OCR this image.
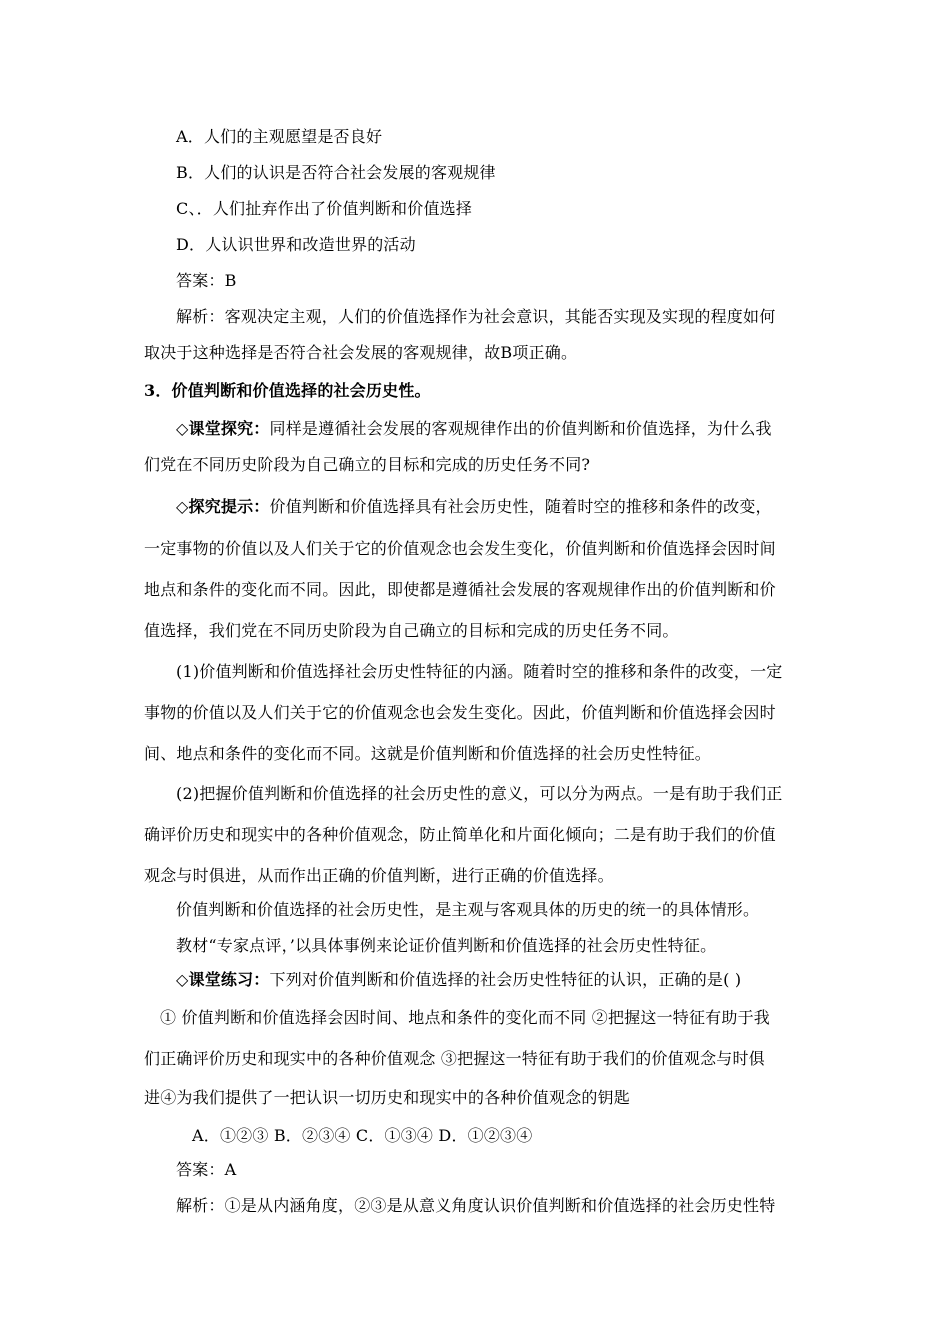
A．人们的主观愿望是否良好
B．人们的认识是否符合社会发展的客观规律
C、．人们扯弃作出了价值判断和价值选择
D．人认识世界和改造世界的活动
答案：B
解析：客观决定主观，人们的价值选择作为社会意识，其能否实现及实现的程度如何
取决于这种选择是否符合社会发展的客观规律，故B项正确。
3．价值判断和价值选择的社会历史性。
◇课堂探究：同样是遵循社会发展的客观规律作出的价值判断和价值选择，为什么我
们党在不同历史阶段为自己确立的目标和完成的历史任务不同?
◇探究提示：价值判断和价值选择具有社会历史性，随着时空的推移和条件的改变，
一定事物的价值以及人们关于它的价值观念也会发生变化，价值判断和价值选择会因时间
地点和条件的变化而不同。因此，即使都是遵循社会发展的客观规律作出的价值判断和价
值选择，我们党在不同历史阶段为自己确立的目标和完成的历史任务不同。
(1)价值判断和价值选择社会历史性特征的内涵。随着时空的推移和条件的改变，一定
事物的价值以及人们关于它的价值观念也会发生变化。因此，价值判断和价值选择会因时
间、地点和条件的变化而不同。这就是价值判断和价值选择的社会历史性特征。
(2)把握价值判断和价值选择的社会历史性的意义，可以分为两点。一是有助于我们正
确评价历史和现实中的各种价值观念，防止简单化和片面化倾向；二是有助于我们的价值
观念与时俱进，从而作出正确的价值判断，进行正确的价值选择。
价值判断和价值选择的社会历史性，是主观与客观具体的历史的统一的具体情形。
教材“专家点评，’以具体事例来论证价值判断和价值选择的社会历史性特征。
◇课堂练习：下列对价值判断和价值选择的社会历史性特征的认识，正确的是( )
① 价值判断和价值选择会因时间、地点和条件的变化而不同 ②把握这一特征有助于我
们正确评价历史和现实中的各种价值观念 ③把握这一特征有助于我们的价值观念与时俱
进④为我们提供了一把认识一切历史和现实中的各种价值观念的钥匙
A．①②③ B．②③④ C．①③④ D．①②③④
答案：A
解析：①是从内涵角度，②③是从意义角度认识价值判断和价值选择的社会历史性特
